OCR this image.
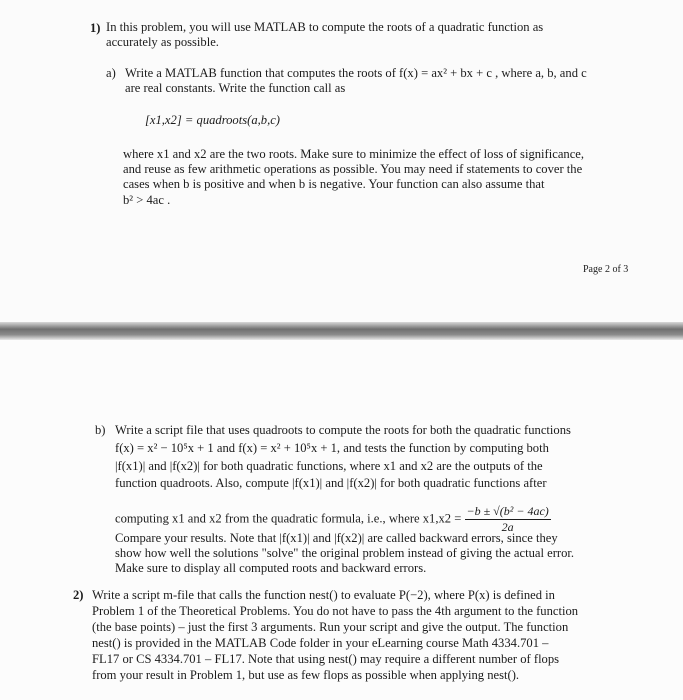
1) In this problem, you will use MATLAB to compute the roots of a quadratic function as
accurately as possible.
a) Write a MATLAB function that computes the roots of f(x) = ax² + bx + c , where a, b, and c
are real constants. Write the function call as
[x1,x2] = quadroots(a,b,c)
where x1 and x2 are the two roots. Make sure to minimize the effect of loss of significance,
and reuse as few arithmetic operations as possible. You may need if statements to cover the
cases when b is positive and when b is negative. Your function can also assume that
b² > 4ac .
Page 2 of 3
b) Write a script file that uses quadroots to compute the roots for both the quadratic functions
f(x) = x² − 10⁵x + 1 and f(x) = x² + 10⁵x + 1, and tests the function by computing both
|f(x1)| and |f(x2)| for both quadratic functions, where x1 and x2 are the outputs of the
function quadroots. Also, compute |f(x1)| and |f(x2)| for both quadratic functions after
computing x1 and x2 from the quadratic formula, i.e., where $x1,x2 = \frac{\text{−b ± √(b² − 4ac)}}{2a}$
Compare your results. Note that |f(x1)| and |f(x2)| are called backward errors, since they
show how well the solutions "solve" the original problem instead of giving the actual error.
Make sure to display all computed roots and backward errors.
2) Write a script m-file that calls the function nest() to evaluate P(−2), where P(x) is defined in
Problem 1 of the Theoretical Problems. You do not have to pass the 4th argument to the function
(the base points) – just the first 3 arguments. Run your script and give the output. The function
nest() is provided in the MATLAB Code folder in your eLearning course Math 4334.701 –
FL17 or CS 4334.701 – FL17. Note that using nest() may require a different number of flops
from your result in Problem 1, but use as few flops as possible when applying nest().
